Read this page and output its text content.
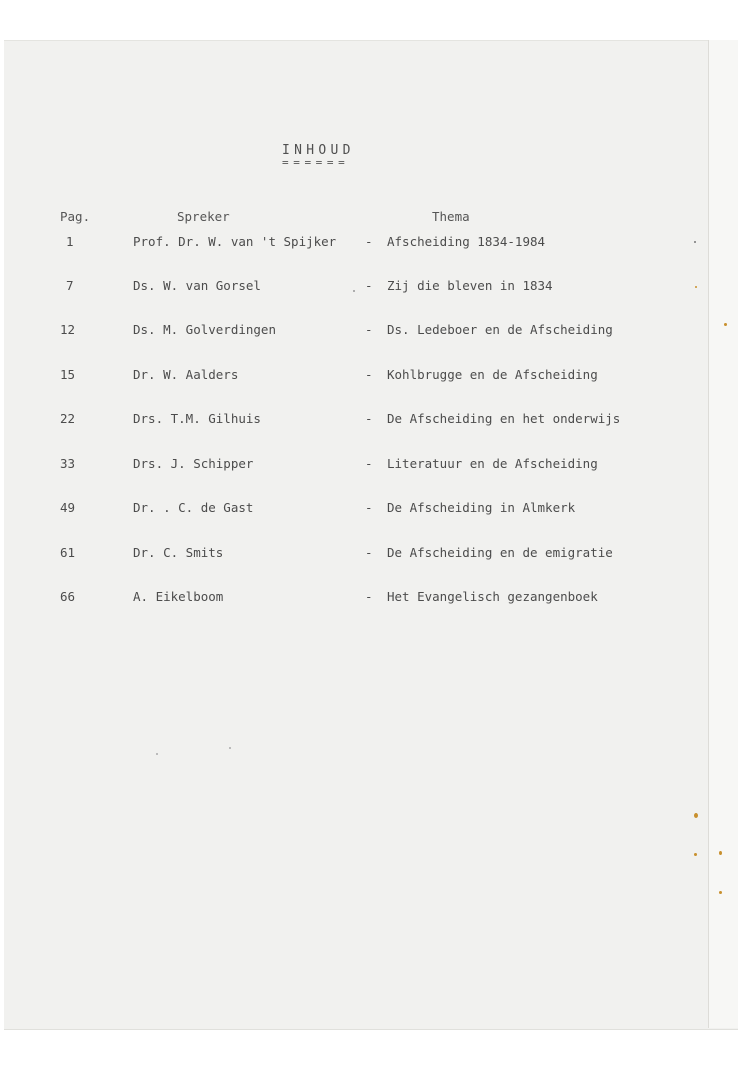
INHOUD
======
Pag.	Spreker	Thema
1	Prof. Dr. W. van 't Spijker - Afscheiding 1834-1984
7	Ds. W. van Gorsel	- Zij die bleven in 1834
12	Ds. M. Golverdingen	- Ds. Ledeboer en de Afscheiding
15	Dr. W. Aalders	- Kohlbrugge en de Afscheiding
22	Drs. T.M. Gilhuis	- De Afscheiding en het onderwijs
33	Drs. J. Schipper	- Literatuur en de Afscheiding
49	Dr. . C. de Gast	- De Afscheiding in Almkerk
61	Dr. C. Smits	- De Afscheiding en de emigratie
66	A. Eikelboom	- Het Evangelisch gezangenboek
